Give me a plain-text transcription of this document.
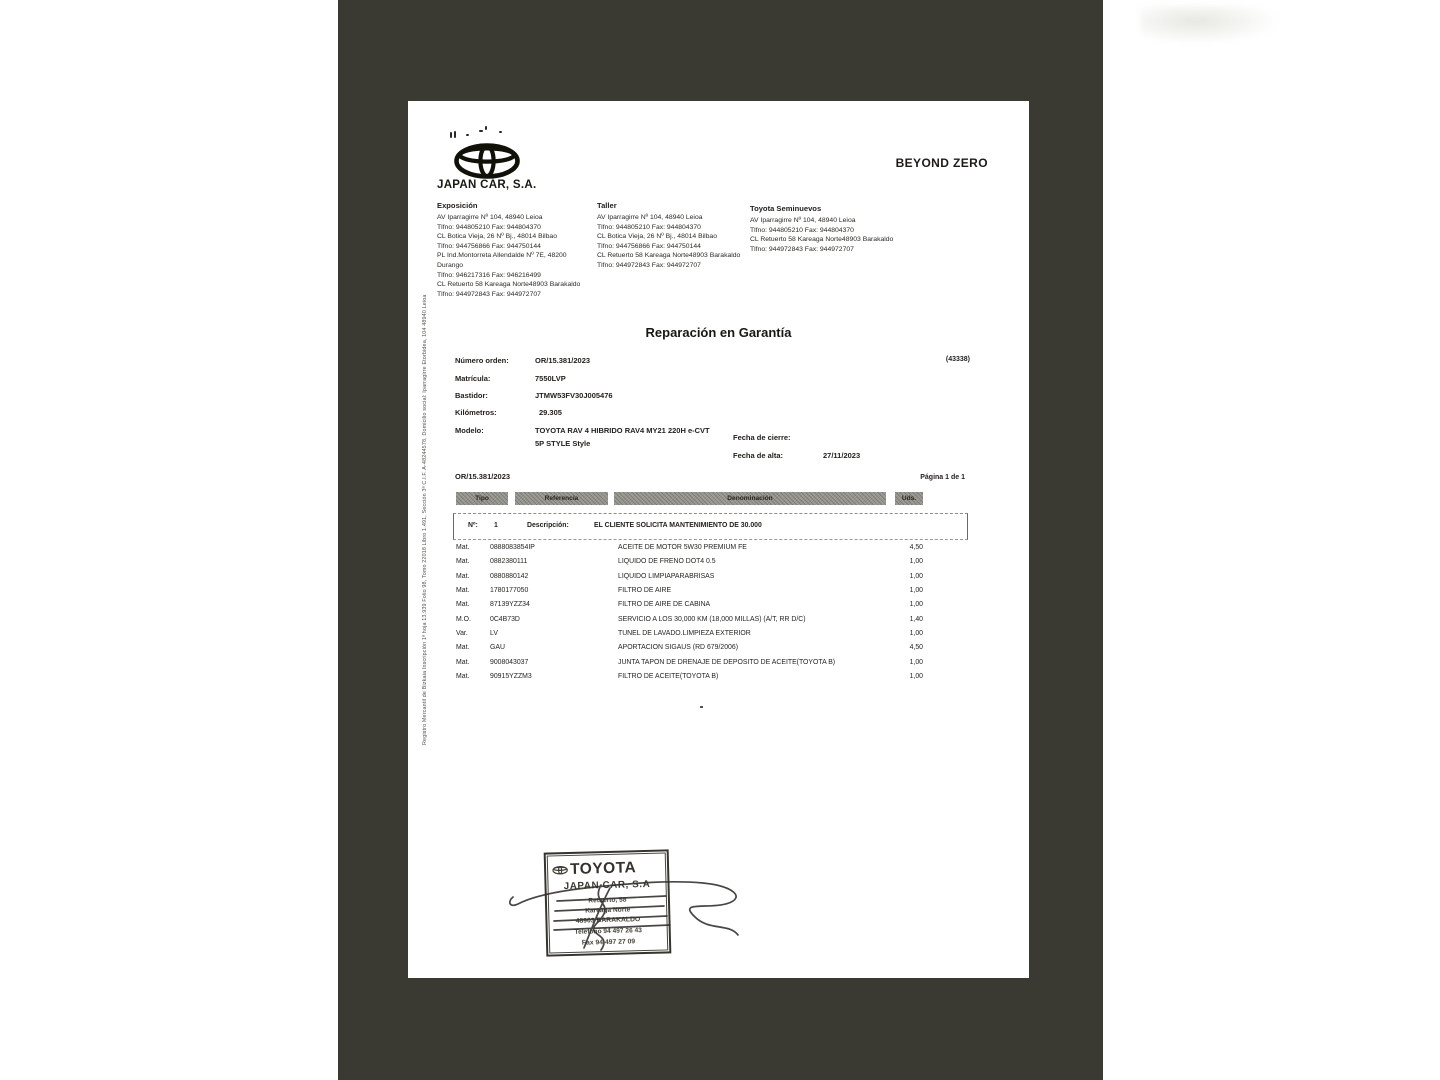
JAPAN CAR, S.A.
BEYOND ZERO
Exposición
AV Iparragirre Nº 104, 48940 Leioa
Tlfno: 944805210 Fax: 944804370
CL Botica Vieja, 26 Nº Bj., 48014 Bilbao
Tlfno: 944756866 Fax: 944750144
PL Ind.Montorreta Allendalde Nº 7E, 48200
Durango
Tlfno: 946217316 Fax: 946216499
CL Retuerto 58 Kareaga Norte48903 Barakaldo
Tlfno: 944972843 Fax: 944972707
Taller
AV Iparragirre Nº 104, 48940 Leioa
Tlfno: 944805210 Fax: 944804370
CL Botica Vieja, 26 Nº Bj., 48014 Bilbao
Tlfno: 944756866 Fax: 944750144
CL Retuerto 58 Kareaga Norte48903 Barakaldo
Tlfno: 944972843 Fax: 944972707
Toyota Seminuevos
AV Iparragirre Nº 104, 48940 Leioa
Tlfno: 944805210 Fax: 944804370
CL Retuerto 58 Kareaga Norte48903 Barakaldo
Tlfno: 944972843 Fax: 944972707
Registro Mercantil de Bizkaia Inscripción 1ª hoja 13.939 Folio 98, Tomo 22018 Libro 1.491, Sección 3ª C.I.F. A-48244578, Domicilio social: Iparragirre Etorbidea, 104 48940 Leioa	Reparación en Garantía
Número orden:	OR/15.381/2023	(43338)
Matrícula:	7550LVP
Bastidor:	JTMW53FV30J005476
Kilómetros:	29.305
Modelo:	TOYOTA RAV 4 HIBRIDO RAV4 MY21 220H e-CVT
5P STYLE Style
Fecha de cierre:
Fecha de alta:	27/11/2023
OR/15.381/2023	Página 1 de 1
Tipo	Referencia	Denominación	Uds.
Nº: 1	Descripción:	EL CLIENTE SOLICITA MANTENIMIENTO DE 30.000
Mat.	0888083854IP	ACEITE DE MOTOR 5W30 PREMIUM FE	4,50
Mat.	0882380111	LIQUIDO DE FRENO DOT4 0.5	1,00
Mat.	0880880142	LIQUIDO LIMPIAPARABRISAS	1,00
Mat.	1780177050	FILTRO DE AIRE	1,00
Mat.	87139YZZ34	FILTRO DE AIRE DE CABINA	1,00
M.O.	0C4B73D	SERVICIO A LOS 30,000 KM (18,000 MILLAS) (A/T, RR D/C)	1,40
Var.	LV	TUNEL DE LAVADO.LIMPIEZA EXTERIOR	1,00
Mat.	GAU	APORTACION SIGAUS (RD 679/2006)	4,50
Mat.	9008043037	JUNTA TAPON DE DRENAJE DE DEPOSITO DE ACEITE(TOYOTA B)	1,00
Mat.	90915YZZM3	FILTRO DE ACEITE(TOYOTA B)	1,00
TOYOTA
JAPAN CAR, S.A
Retuerto, 58
Kareaga Norte
48903 BARAKALDO
Telefono 94 497 26 43
Fax 94 497 27 09
